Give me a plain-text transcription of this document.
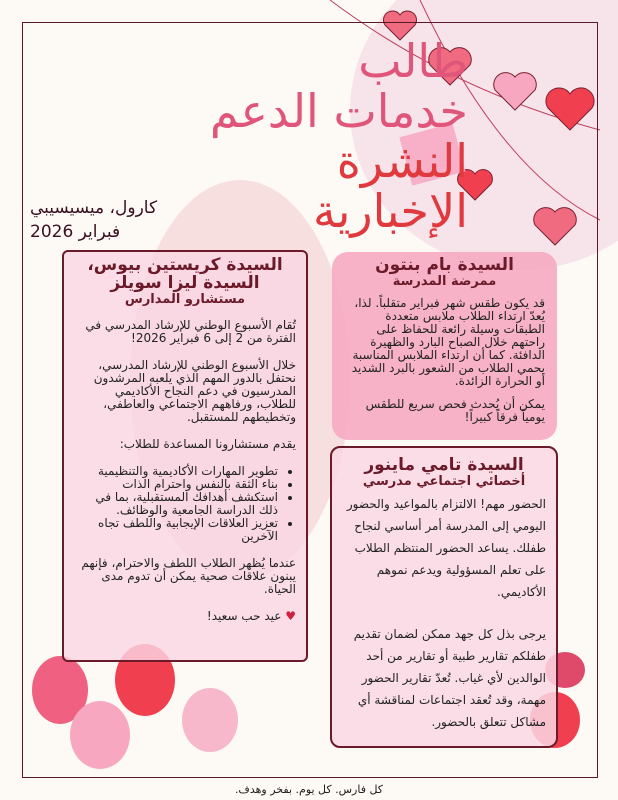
طالب
خدمات الدعم
النشرة
الإخبارية
كارول، ميسيسيبي
فبراير 2026
السيدة كريستين بيوس، السيدة ليزا سويلز
مستشارو المدارس

تُقام الأسبوع الوطني للإرشاد المدرسي في الفترة من 2 إلى 6 فبراير 2026!

خلال الأسبوع الوطني للإرشاد المدرسي، نحتفل بالدور المهم الذي يلعبه المرشدون المدرسيون في دعم النجاح الأكاديمي للطلاب، ورفاههم الاجتماعي والعاطفي، وتخطيطهم للمستقبل.

يقدم مستشارونا المساعدة للطلاب:

• تطوير المهارات الأكاديمية والتنظيمية
• بناء الثقة بالنفس واحترام الذات
• استكشف أهدافك المستقبلية، بما في ذلك الدراسة الجامعية والوظائف.
• تعزيز العلاقات الإيجابية واللطف تجاه الآخرين

عندما يُظهر الطلاب اللطف والاحترام، فإنهم يبنون علاقات صحية يمكن أن تدوم مدى الحياة.

♥ عيد حب سعيد!

السيدة بام بنتون
ممرضة المدرسة

قد يكون طقس شهر فبراير متقلباً. لذا، يُعدّ ارتداء الطلاب ملابس متعددة الطبقات وسيلة رائعة للحفاظ على راحتهم خلال الصباح البارد والظهيرة الدافئة. كما أن ارتداء الملابس المناسبة يحمي الطلاب من الشعور بالبرد الشديد أو الحرارة الزائدة.

يمكن أن يُحدث فحص سريع للطقس يومياً فرقاً كبيراً!

السيدة تامي ماينور
أخصائي اجتماعي مدرسي

الحضور مهم! الالتزام بالمواعيد والحضور اليومي إلى المدرسة أمر أساسي لنجاح طفلك. يساعد الحضور المنتظم الطلاب على تعلم المسؤولية ويدعم نموهم الأكاديمي.

يرجى بذل كل جهد ممكن لضمان تقديم طفلكم تقارير طبية أو تقارير من أحد الوالدين لأي غياب. تُعدّ تقارير الحضور مهمة، وقد تُعقد اجتماعات لمناقشة أي مشاكل تتعلق بالحضور.

كل فارس. كل يوم. بفخر وهدف.
